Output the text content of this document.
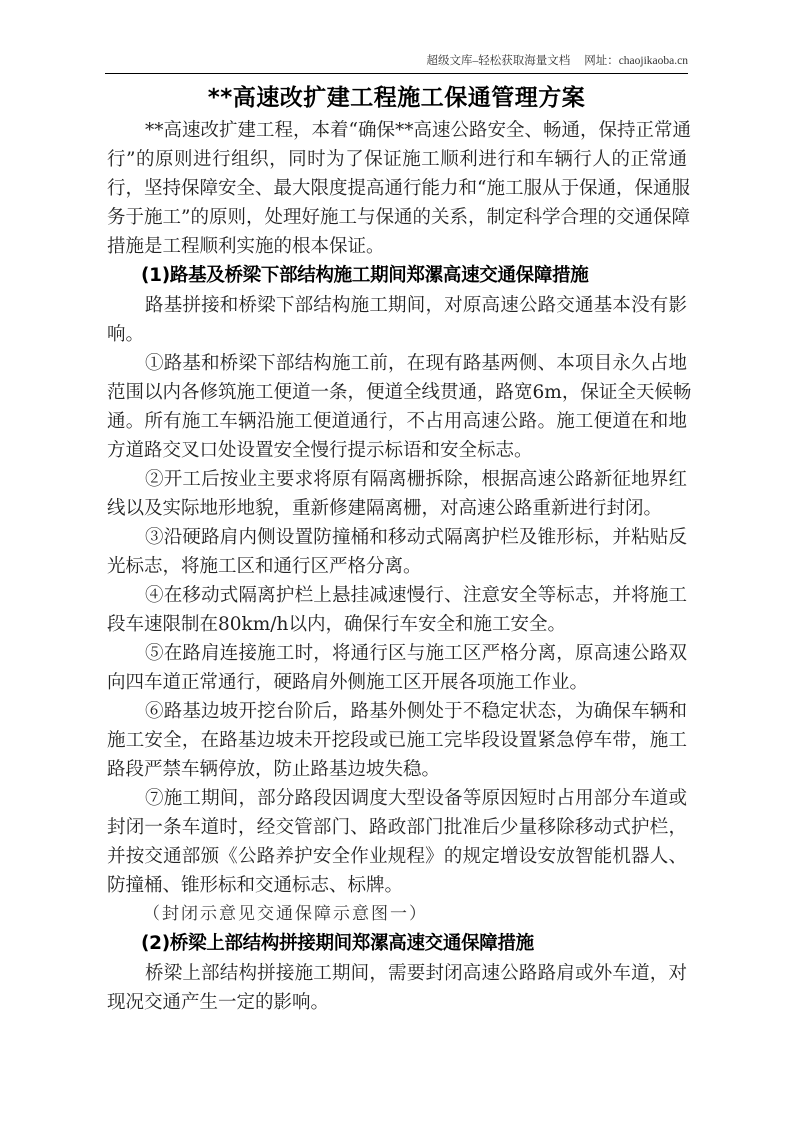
超级文库–轻松获取海量文档 网址：chaojikaoba.cn
**高速改扩建工程施工保通管理方案
**高速改扩建工程，本着“确保**高速公路安全、畅通，保持正常通
行”的原则进行组织，同时为了保证施工顺利进行和车辆行人的正常通
行，坚持保障安全、最大限度提高通行能力和“施工服从于保通，保通服
务于施工”的原则，处理好施工与保通的关系，制定科学合理的交通保障
措施是工程顺利实施的根本保证。
(1)路基及桥梁下部结构施工期间郑漯高速交通保障措施
路基拼接和桥梁下部结构施工期间，对原高速公路交通基本没有影
响。
①路基和桥梁下部结构施工前，在现有路基两侧、本项目永久占地
范围以内各修筑施工便道一条，便道全线贯通，路宽6m，保证全天候畅
通。所有施工车辆沿施工便道通行，不占用高速公路。施工便道在和地
方道路交叉口处设置安全慢行提示标语和安全标志。
②开工后按业主要求将原有隔离栅拆除，根据高速公路新征地界红
线以及实际地形地貌，重新修建隔离栅，对高速公路重新进行封闭。
③沿硬路肩内侧设置防撞桶和移动式隔离护栏及锥形标，并粘贴反
光标志，将施工区和通行区严格分离。
④在移动式隔离护栏上悬挂减速慢行、注意安全等标志，并将施工
段车速限制在80km/h以内，确保行车安全和施工安全。
⑤在路肩连接施工时，将通行区与施工区严格分离，原高速公路双
向四车道正常通行，硬路肩外侧施工区开展各项施工作业。
⑥路基边坡开挖台阶后，路基外侧处于不稳定状态，为确保车辆和
施工安全，在路基边坡未开挖段或已施工完毕段设置紧急停车带，施工
路段严禁车辆停放，防止路基边坡失稳。
⑦施工期间，部分路段因调度大型设备等原因短时占用部分车道或
封闭一条车道时，经交管部门、路政部门批准后少量移除移动式护栏，
并按交通部颁《公路养护安全作业规程》的规定增设安放智能机器人、
防撞桶、锥形标和交通标志、标牌。
（封闭示意见交通保障示意图一）
(2)桥梁上部结构拼接期间郑漯高速交通保障措施
桥梁上部结构拼接施工期间，需要封闭高速公路路肩或外车道，对
现况交通产生一定的影响。
